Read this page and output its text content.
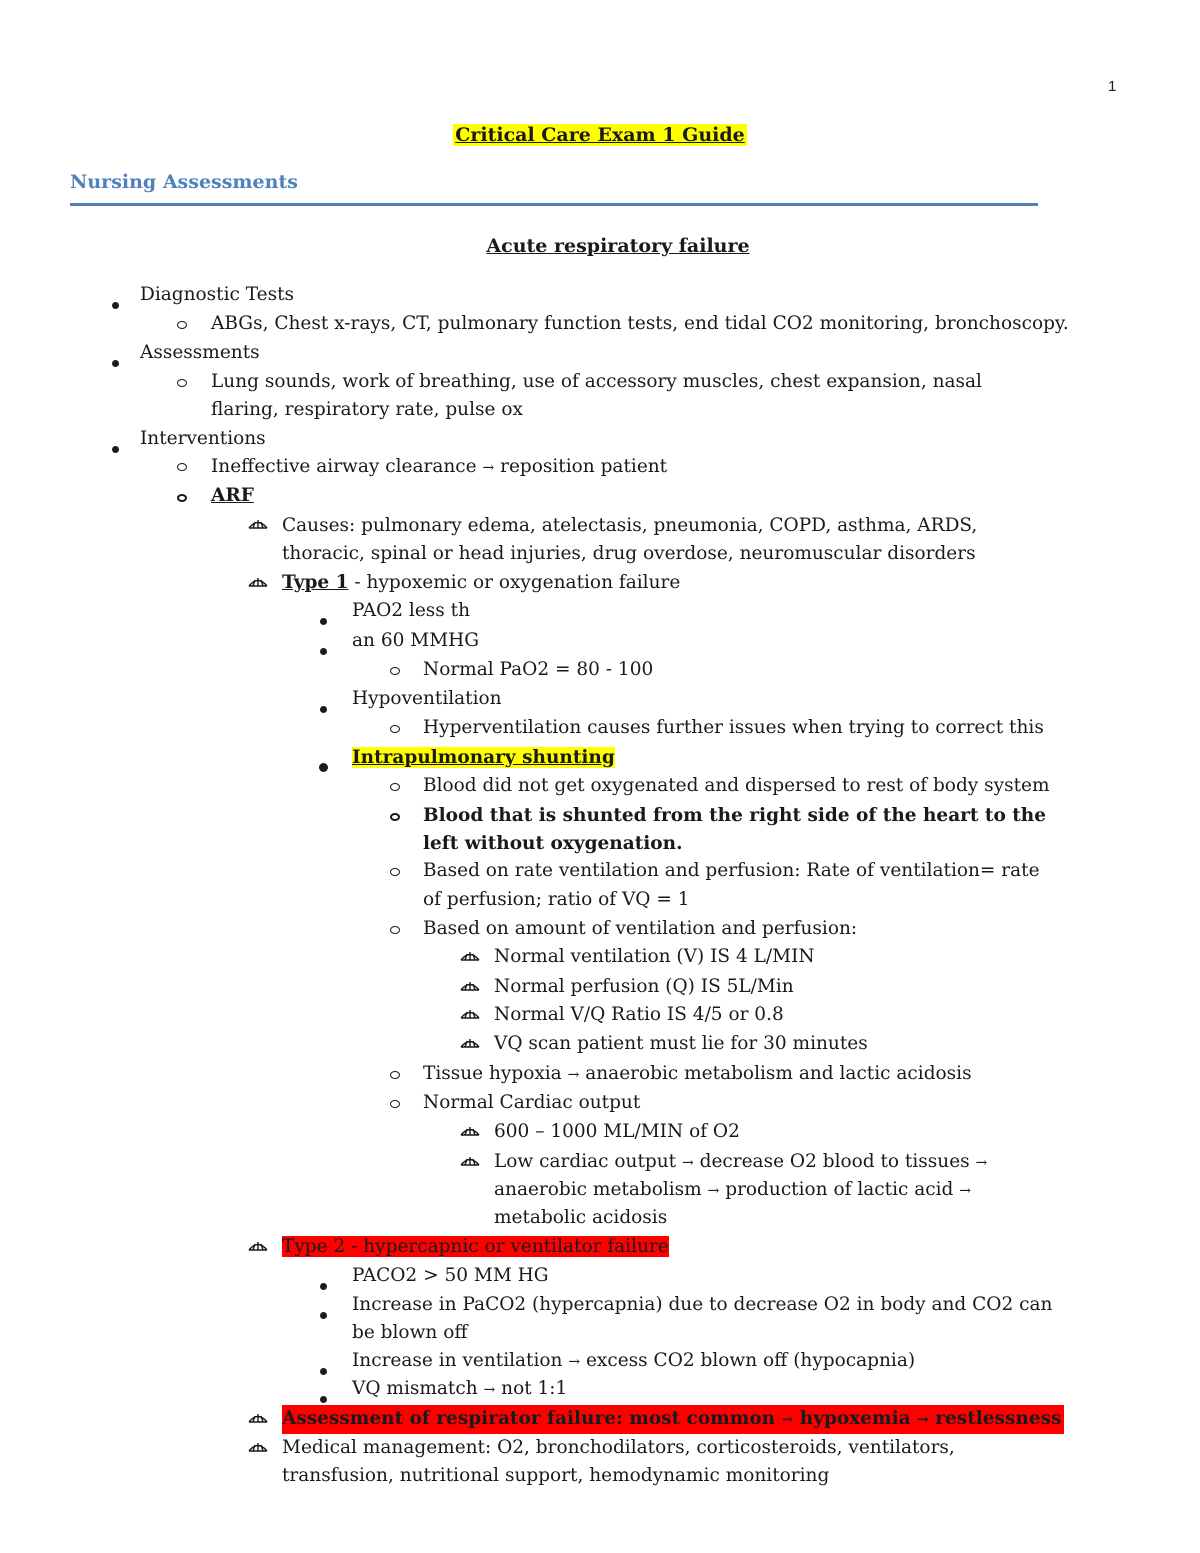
1
Critical Care Exam 1 Guide
Nursing Assessments
Acute respiratory failure
Diagnostic Tests
ABGs, Chest x-rays, CT, pulmonary function tests, end tidal CO2 monitoring, bronchoscopy.
Assessments
Lung sounds, work of breathing, use of accessory muscles, chest expansion, nasal
flaring, respiratory rate, pulse ox
Interventions
Ineffective airway clearance → reposition patient
ARF
Causes: pulmonary edema, atelectasis, pneumonia, COPD, asthma, ARDS,
thoracic, spinal or head injuries, drug overdose, neuromuscular disorders
Type 1 - hypoxemic or oxygenation failure
PAO2 less th
an 60 MMHG
Normal PaO2 = 80 - 100
Hypoventilation
Hyperventilation causes further issues when trying to correct this
Intrapulmonary shunting
Blood did not get oxygenated and dispersed to rest of body system
Blood that is shunted from the right side of the heart to the
left without oxygenation.
Based on rate ventilation and perfusion: Rate of ventilation= rate
of perfusion; ratio of VQ = 1
Based on amount of ventilation and perfusion:
Normal ventilation (V) IS 4 L/MIN
Normal perfusion (Q) IS 5L/Min
Normal V/Q Ratio IS 4/5 or 0.8
VQ scan patient must lie for 30 minutes
Tissue hypoxia → anaerobic metabolism and lactic acidosis
Normal Cardiac output
600 – 1000 ML/MIN of O2
Low cardiac output → decrease O2 blood to tissues →
anaerobic metabolism → production of lactic acid →
metabolic acidosis
Type 2 - hypercapnic or ventilator failure
PACO2 > 50 MM HG
Increase in PaCO2 (hypercapnia) due to decrease O2 in body and CO2 can
be blown off
Increase in ventilation → excess CO2 blown off (hypocapnia)
VQ mismatch → not 1:1
Assessment of respirator failure: most common → hypoxemia → restlessness
Medical management: O2, bronchodilators, corticosteroids, ventilators,
transfusion, nutritional support, hemodynamic monitoring
